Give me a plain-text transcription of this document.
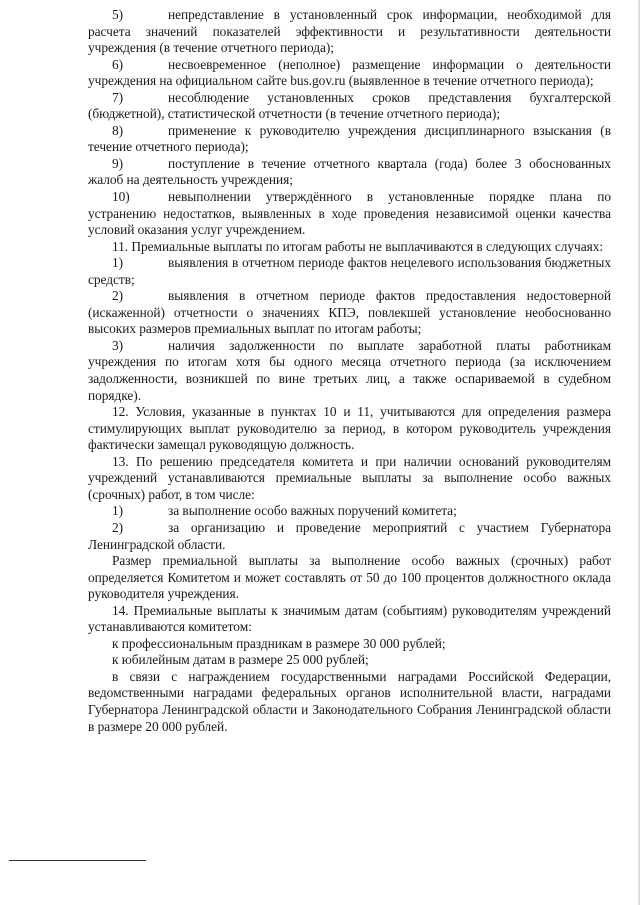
5)	непредставление в установленный срок информации, необходимой для расчета значений показателей эффективности и результативности деятельности учреждения (в течение отчетного периода);

6)	несвоевременное (неполное) размещение информации о деятельности учреждения на официальном сайте bus.gov.ru (выявленное в течение отчетного периода);

7)	несоблюдение установленных сроков представления бухгалтерской (бюджетной), статистической отчетности (в течение отчетного периода);

8)	применение к руководителю учреждения дисциплинарного взыскания (в течение отчетного периода);

9)	поступление в течение отчетного квартала (года) более 3 обоснованных жалоб на деятельность учреждения;

10)	невыполнении утверждённого в установленные порядке плана по устранению недостатков, выявленных в ходе проведения независимой оценки качества условий оказания услуг учреждением.

11. Премиальные выплаты по итогам работы не выплачиваются в следующих случаях:

1)	выявления в отчетном периоде фактов нецелевого использования бюджетных средств;

2)	выявления в отчетном периоде фактов предоставления недостоверной (искаженной) отчетности о значениях КПЭ, повлекшей установление необоснованно высоких размеров премиальных выплат по итогам работы;

3)	наличия задолженности по выплате заработной платы работникам учреждения по итогам хотя бы одного месяца отчетного периода (за исключением задолженности, возникшей по вине третьих лиц, а также оспариваемой в судебном порядке).

12. Условия, указанные в пунктах 10 и 11, учитываются для определения размера стимулирующих выплат руководителю за период, в котором руководитель учреждения фактически замещал руководящую должность.

13. По решению председателя комитета и при наличии оснований руководителям учреждений устанавливаются премиальные выплаты за выполнение особо важных (срочных) работ, в том числе:

1)	за выполнение особо важных поручений комитета;

2)	за организацию и проведение мероприятий с участием Губернатора Ленинградской области.

Размер премиальной выплаты за выполнение особо важных (срочных) работ определяется Комитетом и может составлять от 50 до 100 процентов должностного оклада руководителя учреждения.

14. Премиальные выплаты к значимым датам (событиям) руководителям учреждений устанавливаются комитетом:

к профессиональным праздникам в размере 30 000 рублей;

к юбилейным датам в размере 25 000 рублей;

в связи с награждением государственными наградами Российской Федерации, ведомственными наградами федеральных органов исполнительной власти, наградами Губернатора Ленинградской области и Законодательного Собрания Ленинградской области в размере 20 000 рублей.
